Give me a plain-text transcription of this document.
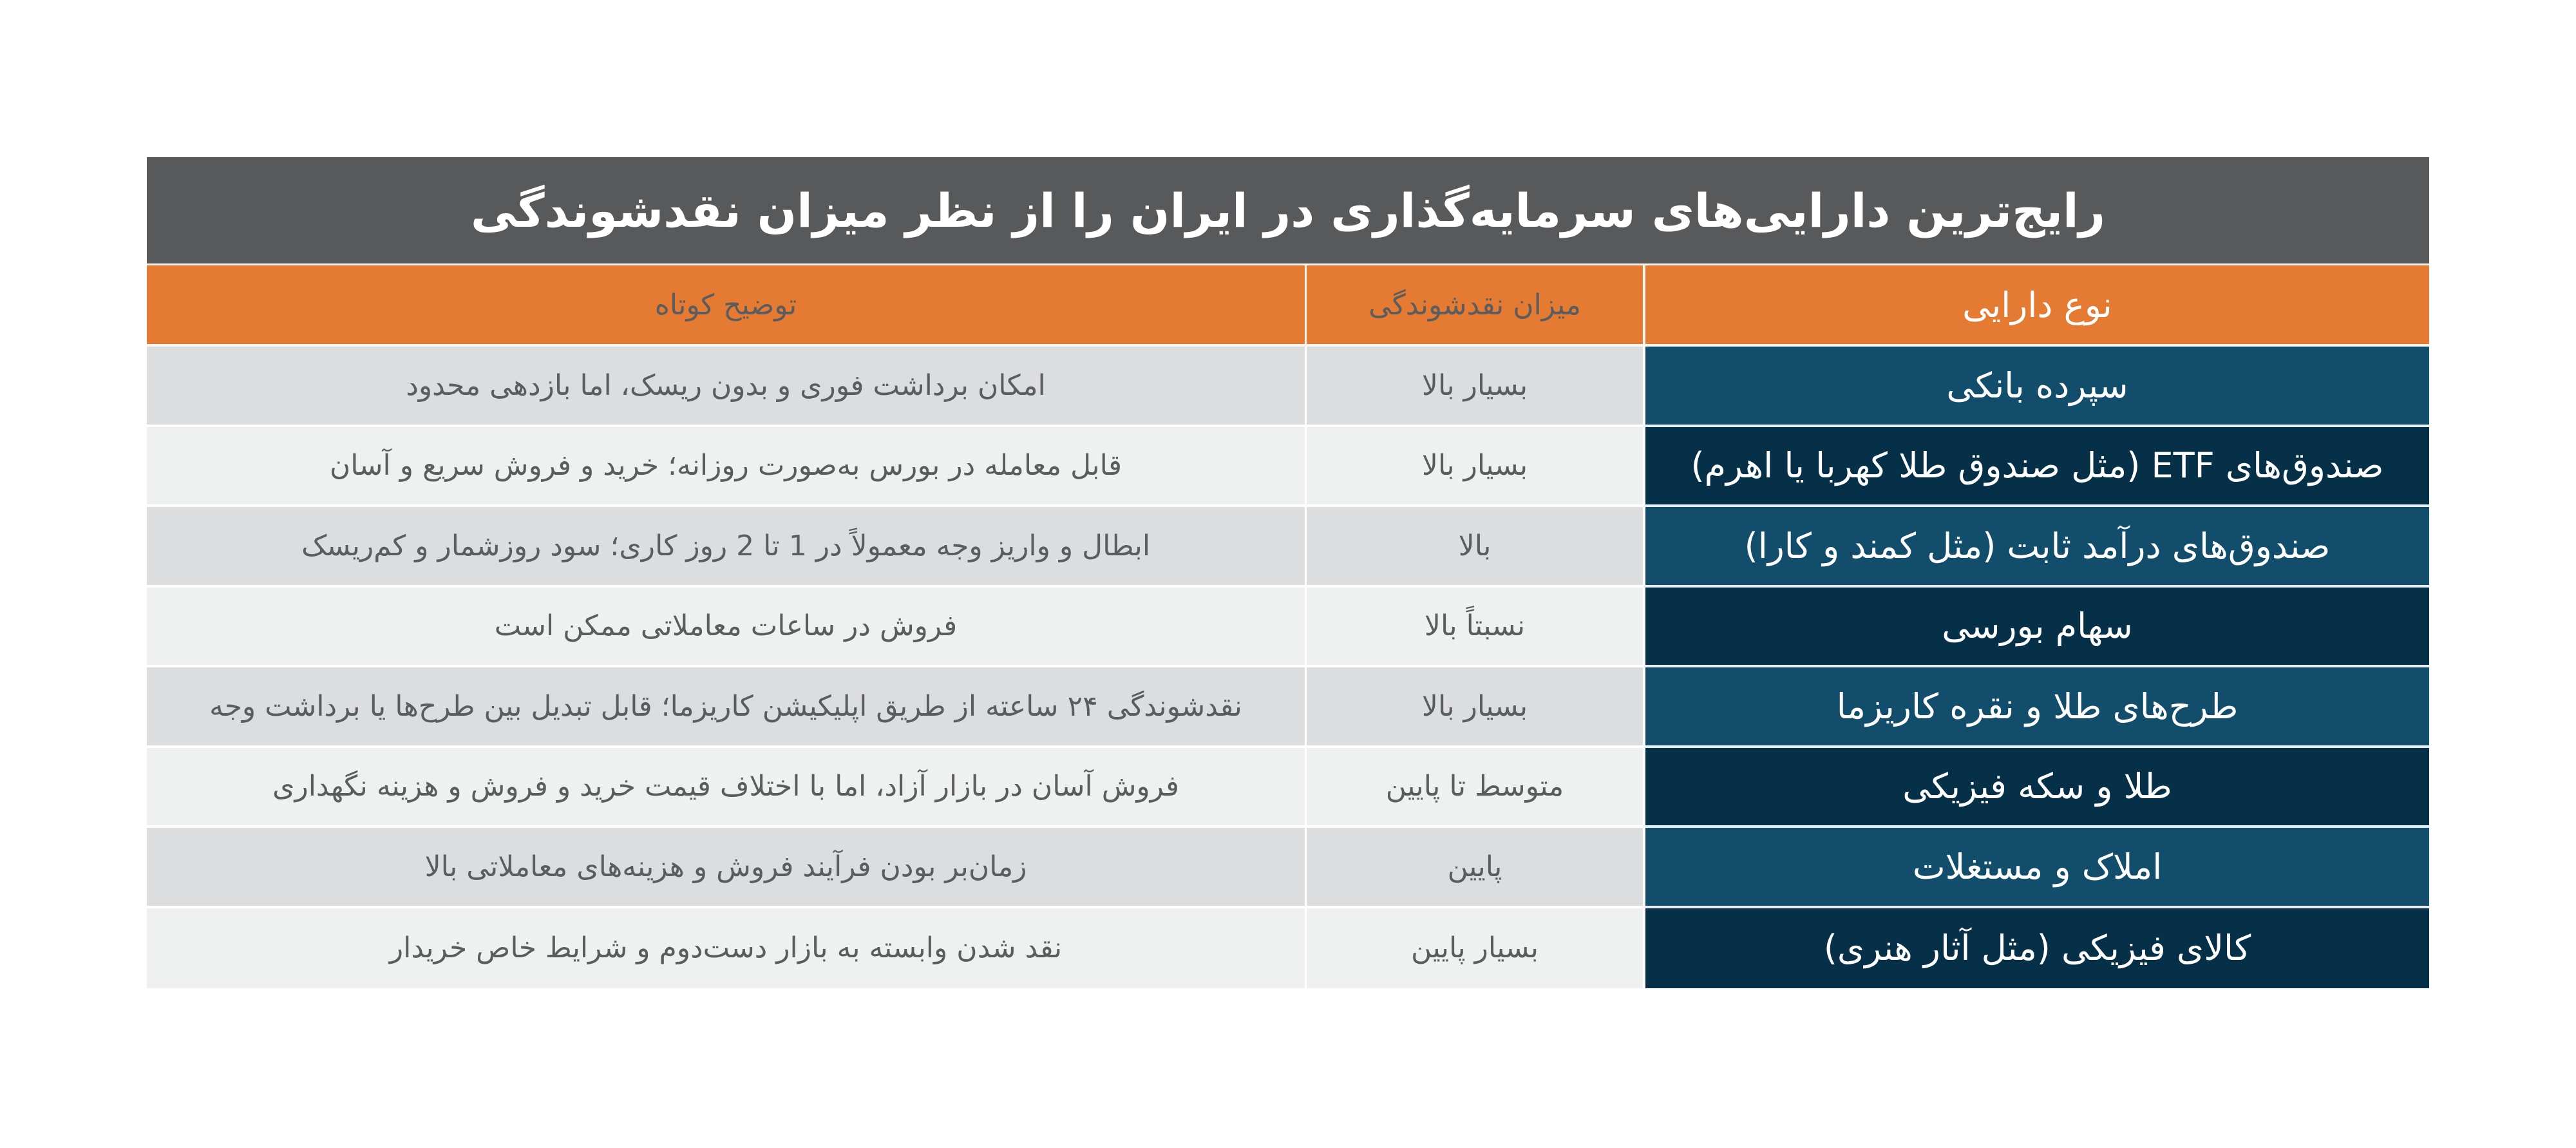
رایج‌ترین دارایی‌های سرمایه‌گذاری در ایران را از نظر میزان نقدشوندگی
نوع دارایی
میزان نقدشوندگی
توضیح کوتاه
سپرده بانکی
بسیار بالا
امکان برداشت فوری و بدون ریسک، اما بازدهی محدود
صندوق‌های ETF (مثل صندوق طلا کهربا یا اهرم)
بسیار بالا
قابل معامله در بورس به‌صورت روزانه؛ خرید و فروش سریع و آسان
صندوق‌های درآمد ثابت (مثل کمند و کارا)
بالا
ابطال و واریز وجه معمولاً در 1 تا 2 روز کاری؛ سود روزشمار و کم‌ریسک
سهام بورسی
نسبتاً بالا
فروش در ساعات معاملاتی ممکن است
طرح‌های طلا و نقره کاریزما
بسیار بالا
نقدشوندگی ۲۴ ساعته از طریق اپلیکیشن کاریزما؛ قابل تبدیل بین طرح‌ها یا برداشت وجه
طلا و سکه فیزیکی
متوسط تا پایین
فروش آسان در بازار آزاد، اما با اختلاف قیمت خرید و فروش و هزینه نگهداری
املاک و مستغلات
پایین
زمان‌بر بودن فرآیند فروش و هزینه‌های معاملاتی بالا
کالای فیزیکی (مثل آثار هنری)
بسیار پایین
نقد شدن وابسته به بازار دست‌دوم و شرایط خاص خریدار
